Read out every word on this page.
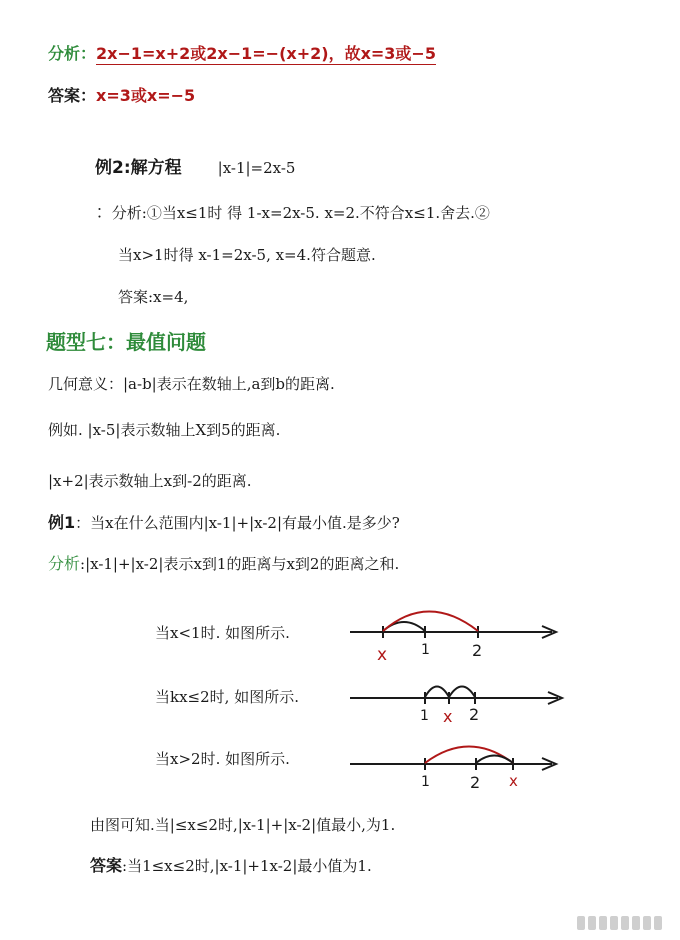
分析：2x−1=x+2或2x−1=−(x+2)，故x=3或−5
答案：x=3或x=−5
例2:解方程 |x-1|=2x-5
∶ 分析:①当x≤1时 得 1-x=2x-5. x=2.不符合x≤1.舍去.②
当x>1时得 x-1=2x-5, x=4.符合题意.
答案:x=4,
题型七：最值问题
几何意义：|a-b|表示在数轴上,a到b的距离.
例如. |x-5|表示数轴上X到5的距离.
|x+2|表示数轴上x到-2的距离.
例1：当x在什么范围内|x-1|+|x-2|有最小值.是多少?
分析:|x-1|+|x-2|表示x到1的距离与x到2的距离之和.
当x<1时. 如图所示.
当kx≤2时, 如图所示.
当x>2时. 如图所示.
x 1	2
1 x 2
1	2 x
由图可知.当|≤x≤2时,|x-1|+|x-2|值最小,为1.
答案:当1≤x≤2时,|x-1|+1x-2|最小值为1.
